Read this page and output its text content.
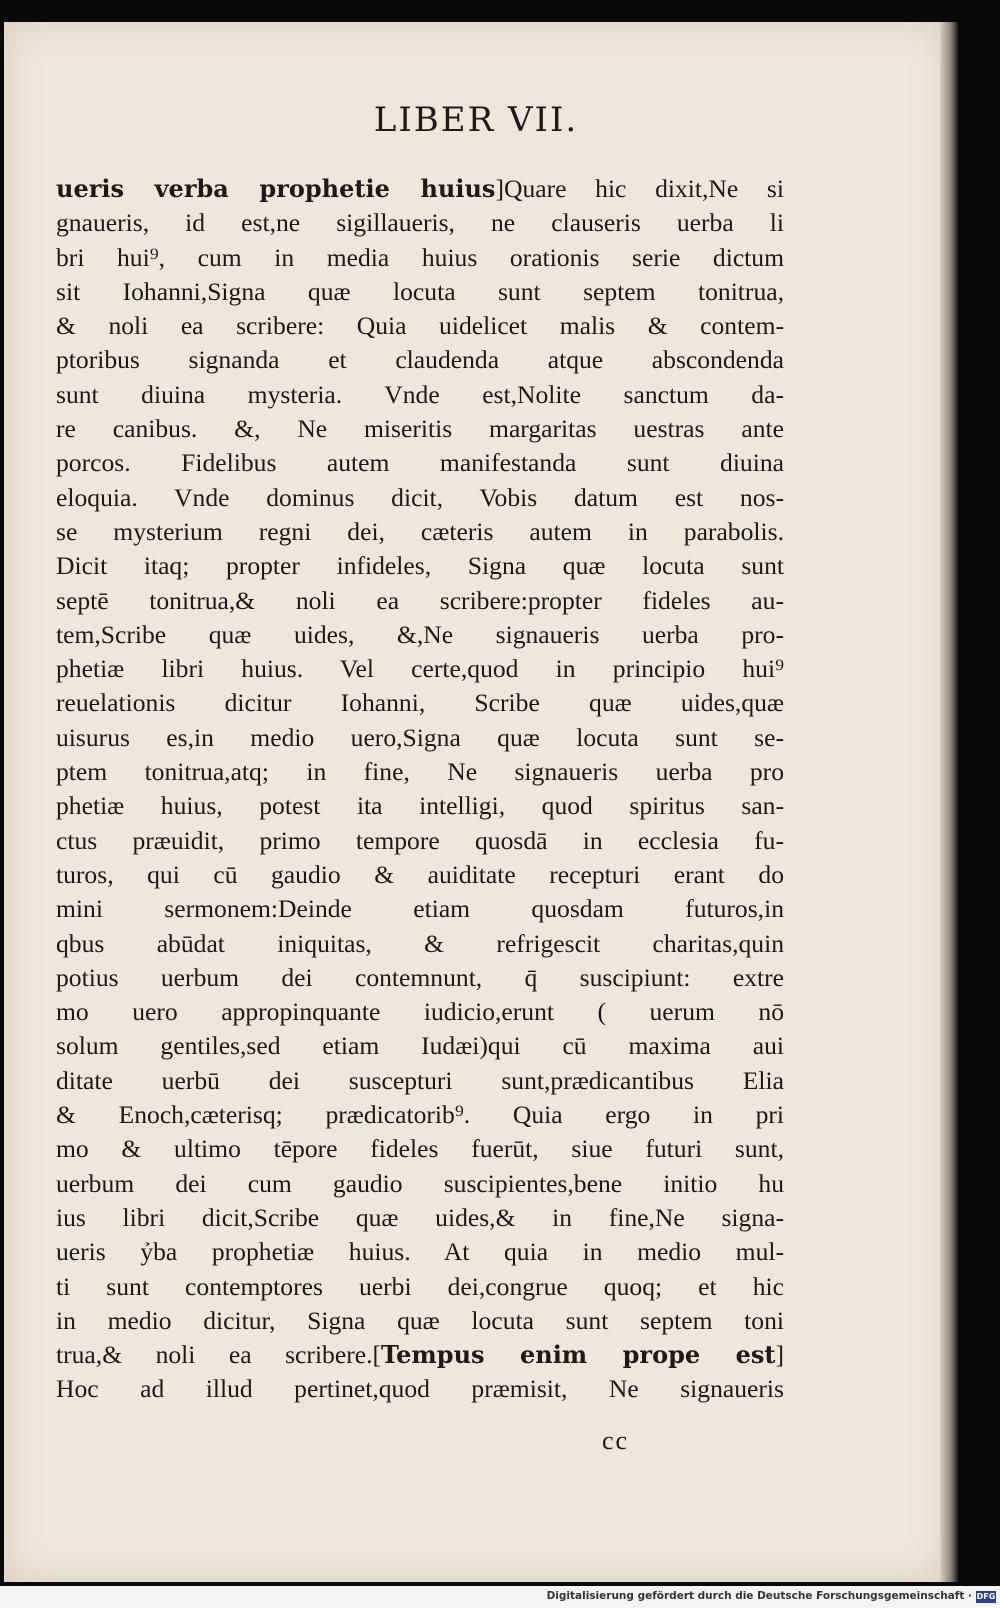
LIBER VII.
ueris verba prophetie huius]Quare hic dixit,Ne si
gnaueris, id est,ne sigillaueris, ne clauseris uerba li
bri hui⁹, cum in media huius orationis serie dictum
sit Iohanni,Signa quæ locuta sunt septem tonitrua,
& noli ea scribere: Quia uidelicet malis & contem-
ptoribus signanda et claudenda atque abscondenda
sunt diuina mysteria. Vnde est,Nolite sanctum da-
re canibus. &, Ne miseritis margaritas uestras ante
porcos. Fidelibus autem manifestanda sunt diuina
eloquia. Vnde dominus dicit, Vobis datum est nos-
se mysterium regni dei, cæteris autem in parabolis.
Dicit itaq; propter infideles, Signa quæ locuta sunt
septē tonitrua,& noli ea scribere:propter fideles au-
tem,Scribe quæ uides, &,Ne signaueris uerba pro-
phetiæ libri huius. Vel certe,quod in principio hui⁹
reuelationis dicitur Iohanni, Scribe quæ uides,quæ
uisurus es,in medio uero,Signa quæ locuta sunt se-
ptem tonitrua,atq; in fine, Ne signaueris uerba pro
phetiæ huius, potest ita intelligi, quod spiritus san-
ctus præuidit, primo tempore quosdā in ecclesia fu-
turos, qui cū gaudio & auiditate recepturi erant do
mini sermonem:Deinde etiam quosdam futuros,in
qbus abūdat iniquitas, & refrigescit charitas,quin
potius uerbum dei contemnunt, q̄ suscipiunt: extre
mo uero appropinquante iudicio,erunt ( uerum nō
solum gentiles,sed etiam Iudæi)qui cū maxima aui
ditate uerbū dei suscepturi sunt,prædicantibus Elia
& Enoch,cæterisq; prædicatorib⁹. Quia ergo in pri
mo & ultimo tēpore fideles fuerūt, siue futuri sunt,
uerbum dei cum gaudio suscipientes,bene initio hu
ius libri dicit,Scribe quæ uides,& in fine,Ne signa-
ueris ỷba prophetiæ huius. At quia in medio mul-
ti sunt contemptores uerbi dei,congrue quoq; et hic
in medio dicitur, Signa quæ locuta sunt septem toni
trua,& noli ea scribere.[Tempus enim prope est]
Hoc ad illud pertinet,quod præmisit, Ne signaueris
cc
Digitalisierung gefördert durch die Deutsche Forschungsgemeinschaft · DFG
